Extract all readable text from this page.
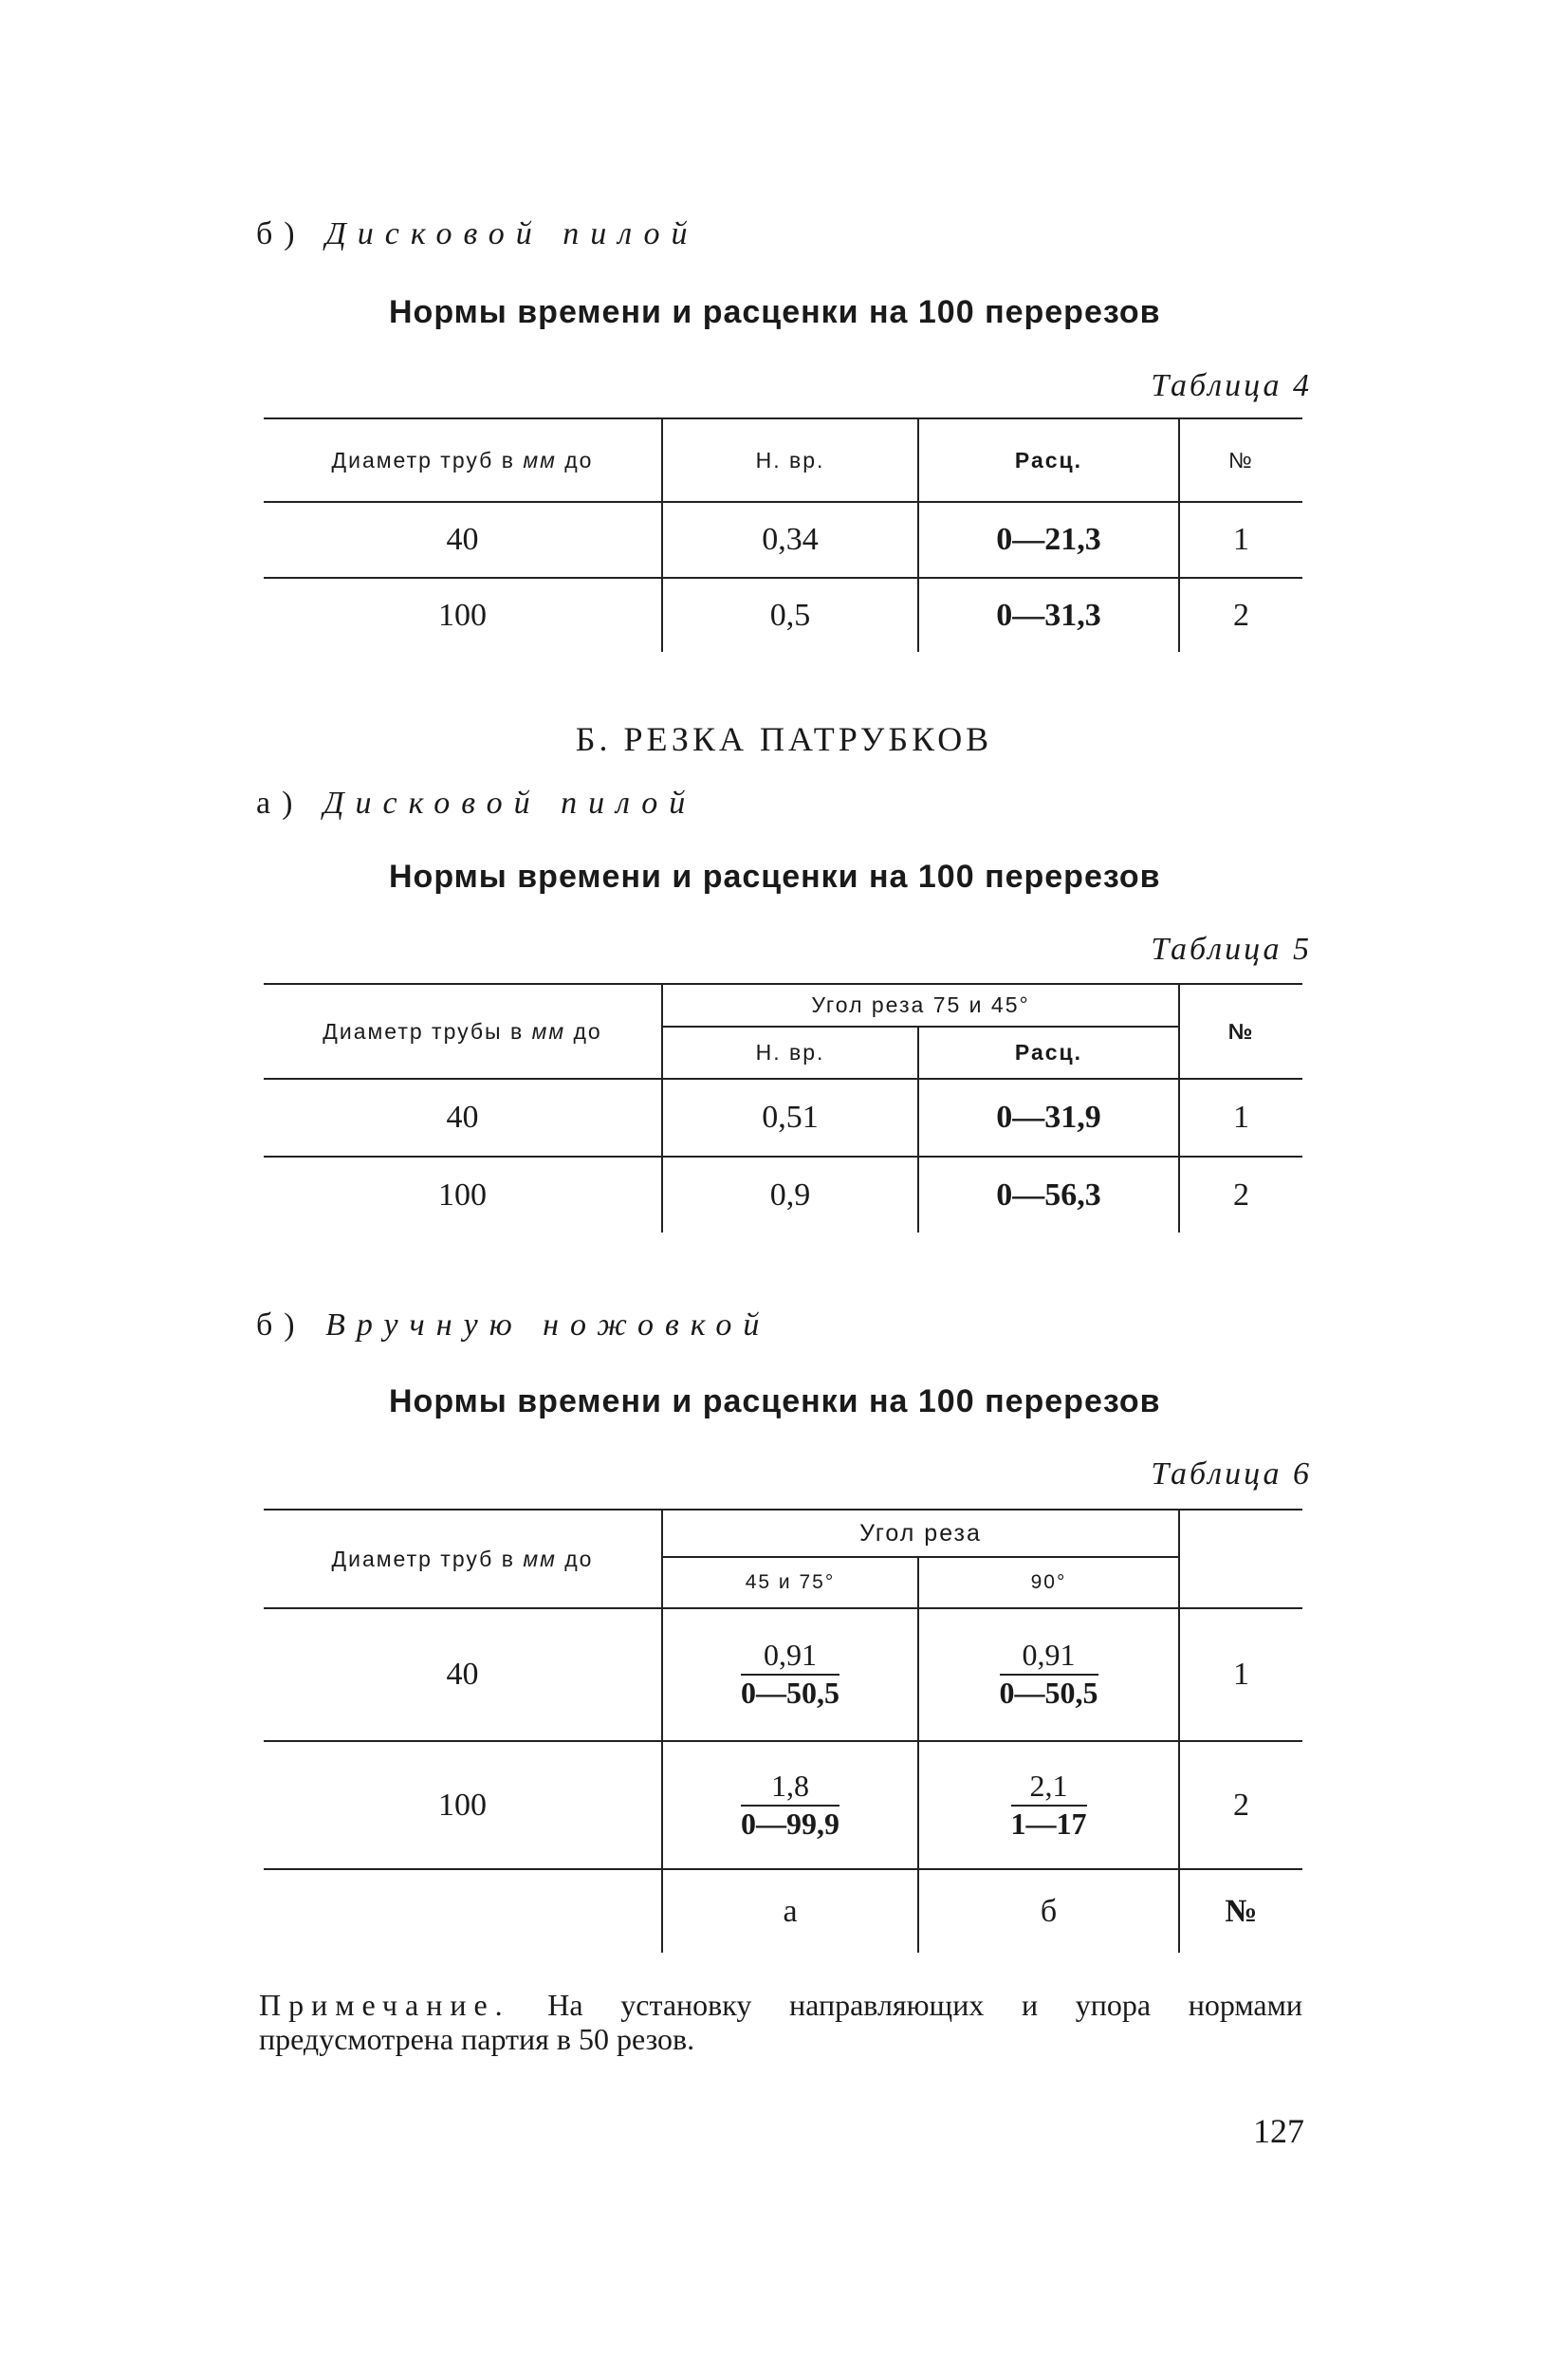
б) Дисковой пилой
Нормы времени и расценки на 100 перерезов
Таблица 4
Диаметр труб в мм до	Н. вр.	Расц.	№
40	0,34	0—21,3	1
100	0,5	0—31,3	2
Б. РЕЗКА ПАТРУБКОВ
а) Дисковой пилой
Нормы времени и расценки на 100 перерезов
Таблица 5
Диаметр трубы в мм до	Угол реза 75 и 45°		№
	Н. вр.	Расц.	
40	0,51	0—31,9	1
100	0,9	0—56,3	2
б) Вручную ножовкой
Нормы времени и расценки на 100 перерезов
Таблица 6
Диаметр труб в мм до	Угол реза		
	45 и 75°	90°	
40	$\frac{0,91}{0—50,5}$	$\frac{0,91}{0—50,5}$	1
100	$\frac{1,8}{0—99,9}$	$\frac{2,1}{1—17}$	2
	а	б	№
Примечание. На установку направляющих и упора нормами предусмотрена партия в 50 резов.
127
